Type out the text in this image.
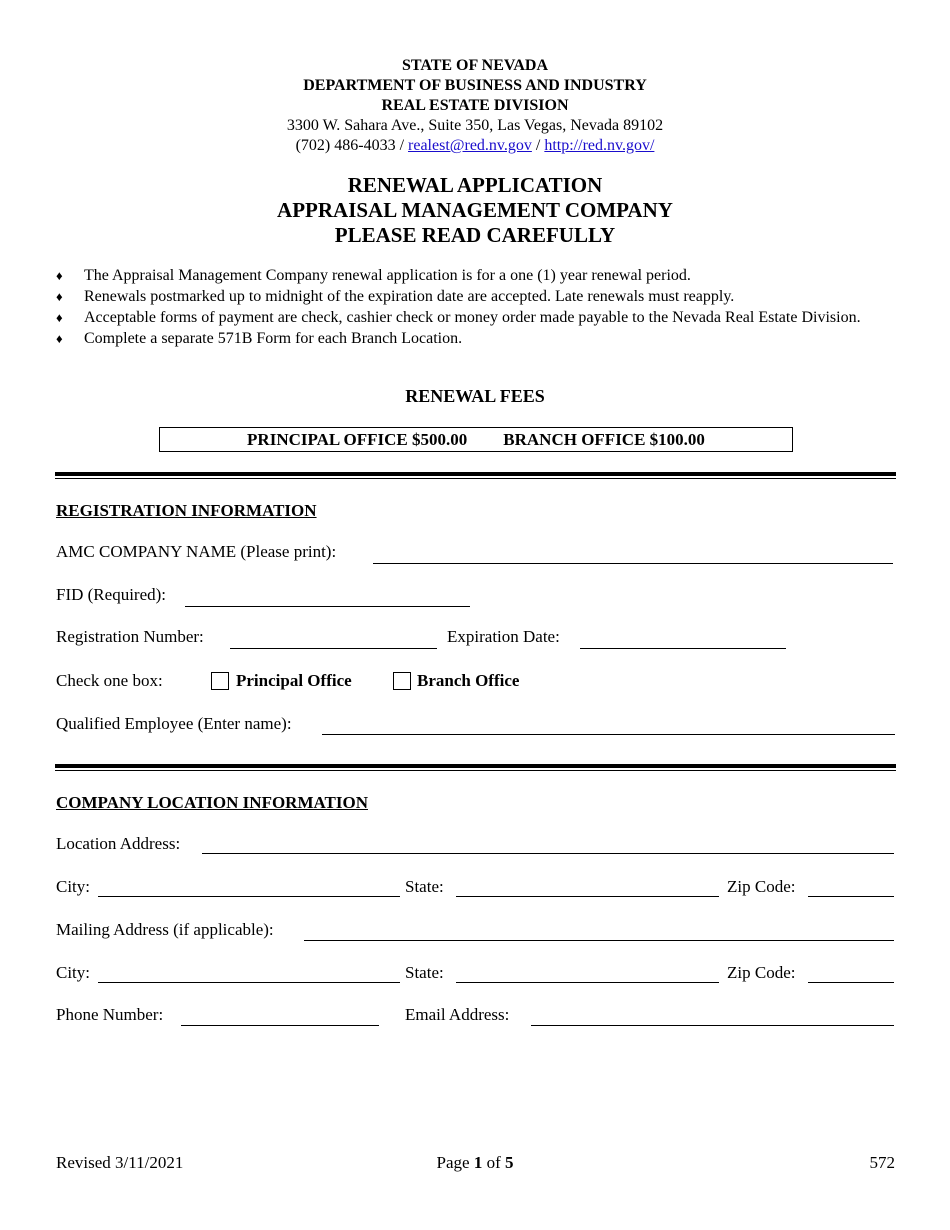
STATE OF NEVADA
DEPARTMENT OF BUSINESS AND INDUSTRY
REAL ESTATE DIVISION
3300 W. Sahara Ave., Suite 350, Las Vegas, Nevada 89102
(702) 486-4033 / realest@red.nv.gov / http://red.nv.gov/
RENEWAL APPLICATION
APPRAISAL MANAGEMENT COMPANY
PLEASE READ CAREFULLY
♦ The Appraisal Management Company renewal application is for a one (1) year renewal period.
♦ Renewals postmarked up to midnight of the expiration date are accepted. Late renewals must reapply.
♦ Acceptable forms of payment are check, cashier check or money order made payable to the Nevada Real Estate Division.
♦ Complete a separate 571B Form for each Branch Location.
RENEWAL FEES
PRINCIPAL OFFICE $500.00 BRANCH OFFICE $100.00
REGISTRATION INFORMATION
AMC COMPANY NAME (Please print):
FID (Required):
Registration Number:	Expiration Date:
Check one box:	Principal Office	Branch Office
Qualified Employee (Enter name):
COMPANY LOCATION INFORMATION
Location Address:
City:	State:	Zip Code:
Mailing Address (if applicable):
City:	State:	Zip Code:
Phone Number:	Email Address:
Revised 3/11/2021	Page 1 of 5	572
